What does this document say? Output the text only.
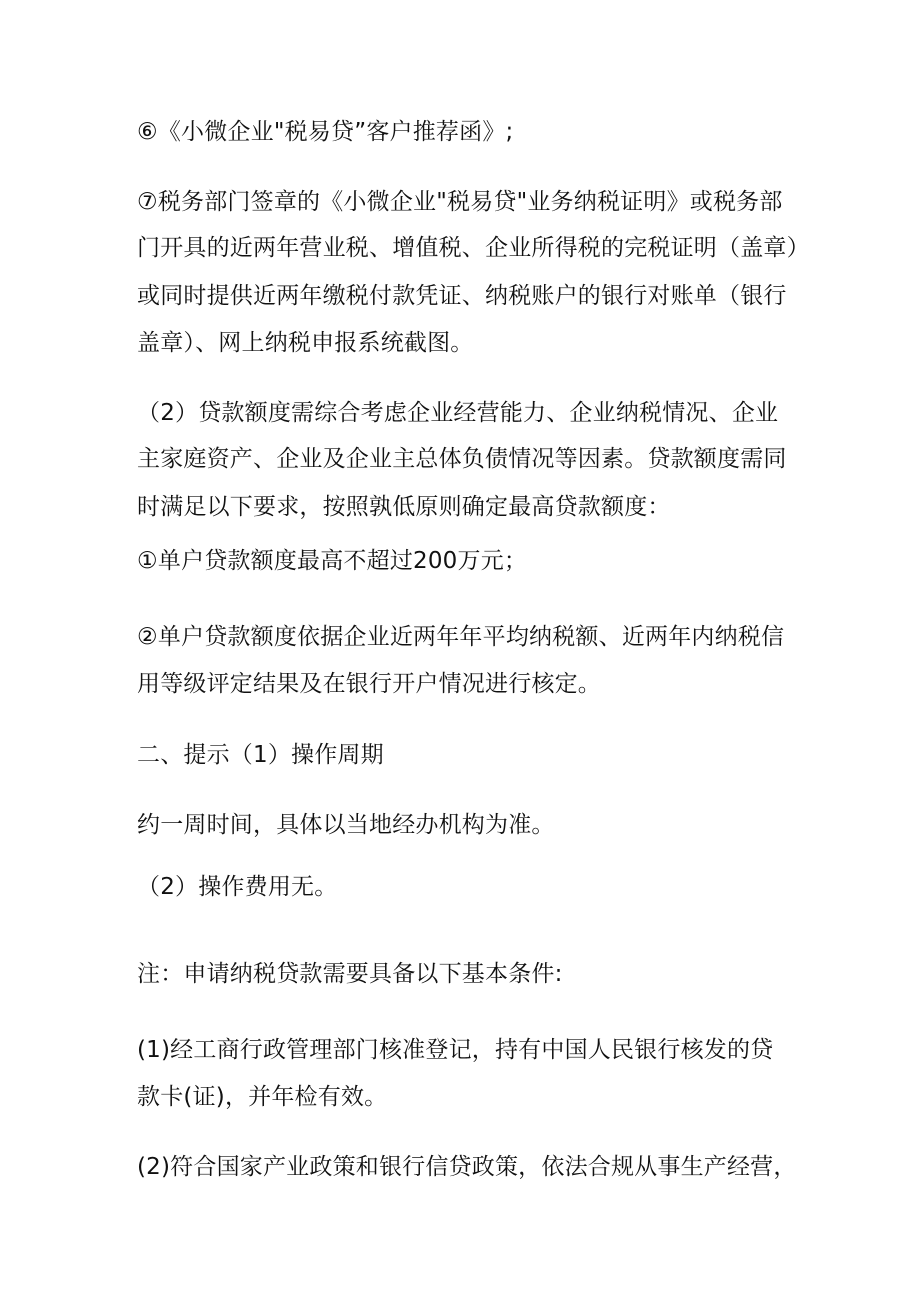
⑥《小微企业"税易贷”客户推荐函》;
⑦税务部门签章的《小微企业"税易贷"业务纳税证明》或税务部
门开具的近两年营业税、增值税、企业所得税的完税证明（盖章）
或同时提供近两年缴税付款凭证、纳税账户的银行对账单（银行
盖章）、网上纳税申报系统截图。
（2）贷款额度需综合考虑企业经营能力、企业纳税情况、企业
主家庭资产、企业及企业主总体负债情况等因素。贷款额度需同
时满足以下要求，按照孰低原则确定最高贷款额度：
①单户贷款额度最高不超过200万元；
②单户贷款额度依据企业近两年年平均纳税额、近两年内纳税信
用等级评定结果及在银行开户情况进行核定。
二、提示（1）操作周期
约一周时间，具体以当地经办机构为准。
（2）操作费用无。
注：申请纳税贷款需要具备以下基本条件:
(1)经工商行政管理部门核准登记，持有中国人民银行核发的贷
款卡(证)，并年检有效。
(2)符合国家产业政策和银行信贷政策，依法合规从事生产经营，
